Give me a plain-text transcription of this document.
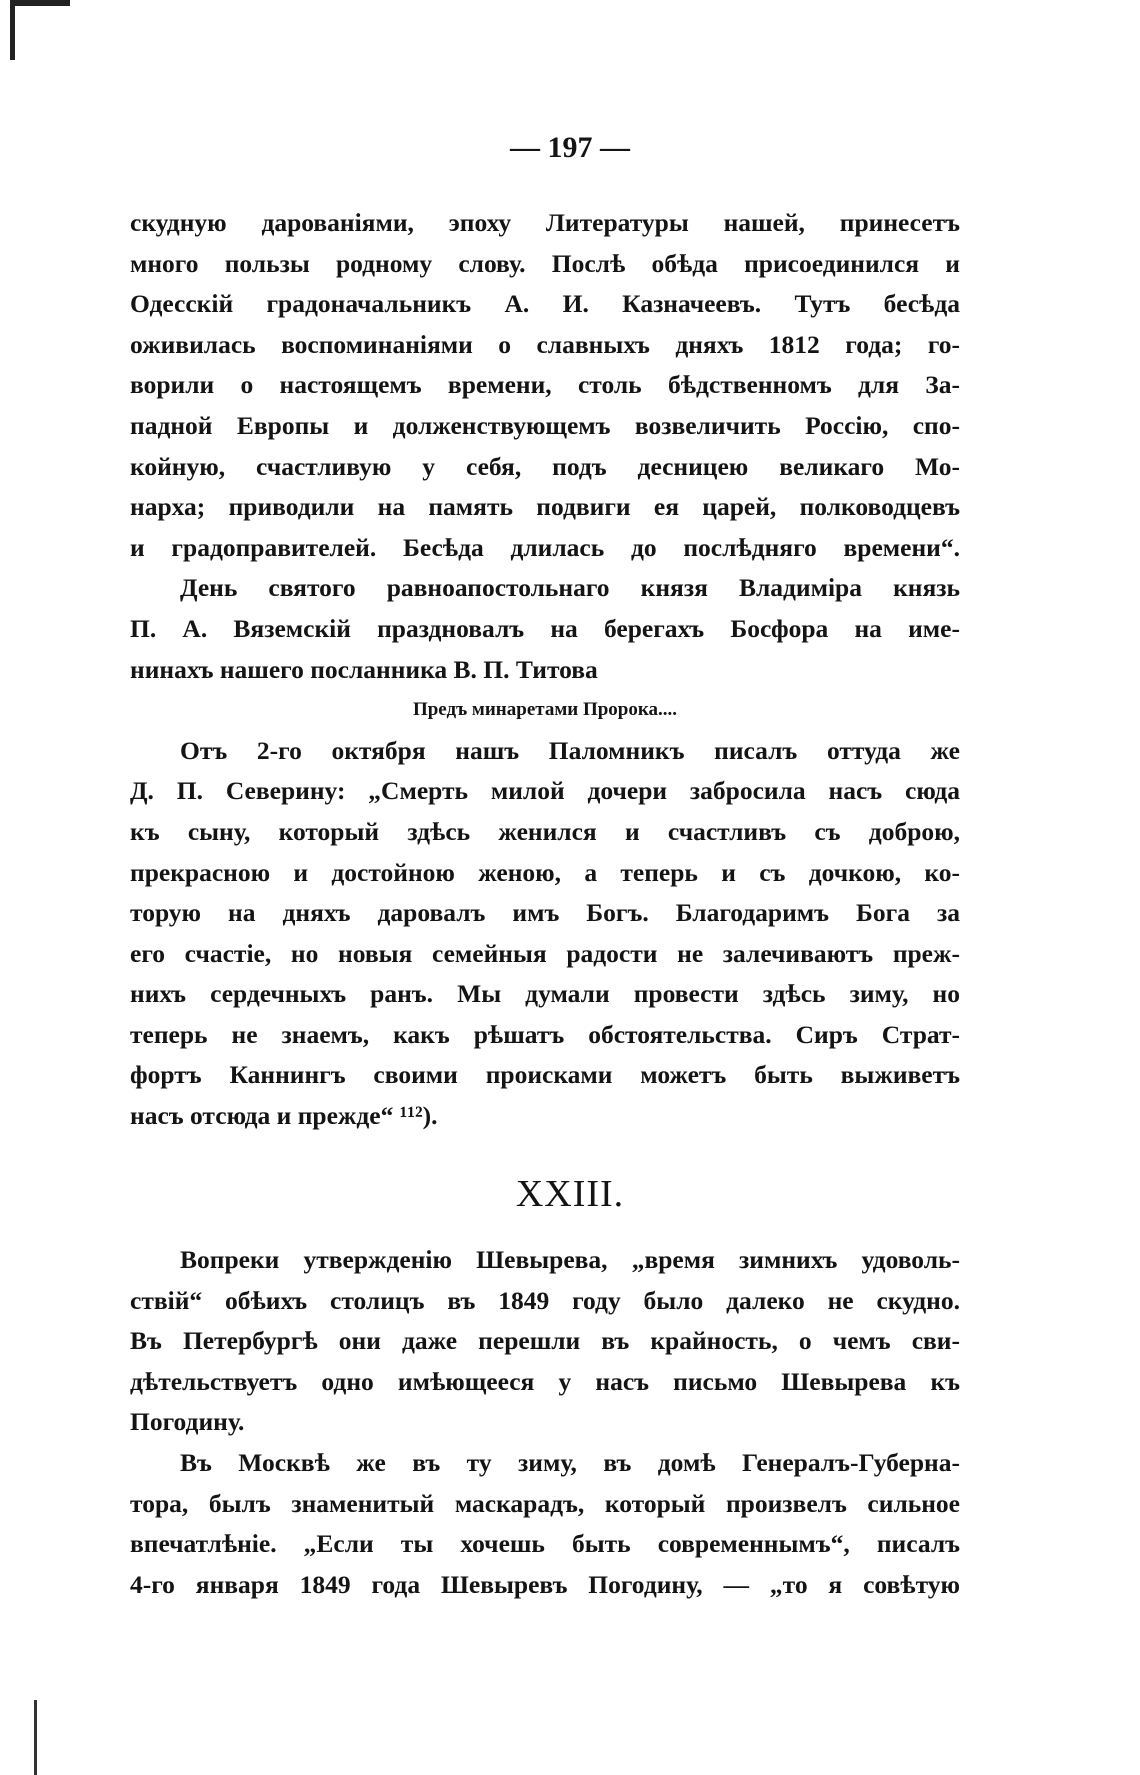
— 197 —
скудную дарованіями, эпоху Литературы нашей, принесетъ
много пользы родному слову. Послѣ обѣда присоединился и
Одесскій градоначальникъ А. И. Казначеевъ. Тутъ бесѣда
оживилась воспоминаніями о славныхъ дняхъ 1812 года; го-
ворили о настоящемъ времени, столь бѣдственномъ для За-
падной Европы и долженствующемъ возвеличить Россію, спо-
койную, счастливую у себя, подъ десницею великаго Мо-
нарха; приводили на память подвиги ея царей, полководцевъ
и градоправителей. Бесѣда длилась до послѣдняго времени“.
День святого равноапостольнаго князя Владиміра князь
П. А. Вяземскій праздновалъ на берегахъ Босфора на име-
нинахъ нашего посланника В. П. Титова
Предъ минаретами Пророка....
Отъ 2-го октября нашъ Паломникъ писалъ оттуда же
Д. П. Северину: „Смерть милой дочери забросила насъ сюда
къ сыну, который здѣсь женился и счастливъ съ доброю,
прекрасною и достойною женою, а теперь и съ дочкою, ко-
торую на дняхъ даровалъ имъ Богъ. Благодаримъ Бога за
его счастіе, но новыя семейныя радости не залечиваютъ преж-
нихъ сердечныхъ ранъ. Мы думали провести здѣсь зиму, но
теперь не знаемъ, какъ рѣшатъ обстоятельства. Сиръ Страт-
фортъ Каннингъ своими происками можетъ быть выживетъ
насъ отсюда и прежде“ ¹¹²).
XXIII.
Вопреки утвержденію Шевырева, „время зимнихъ удоволь-
ствій“ обѣихъ столицъ въ 1849 году было далеко не скудно.
Въ Петербургѣ они даже перешли въ крайность, о чемъ сви-
дѣтельствуетъ одно имѣющееся у насъ письмо Шевырева къ
Погодину.
Въ Москвѣ же въ ту зиму, въ домѣ Генералъ-Губерна-
тора, былъ знаменитый маскарадъ, который произвелъ сильное
впечатлѣніе. „Если ты хочешь быть современнымъ“, писалъ
4-го января 1849 года Шевыревъ Погодину, — „то я совѣтую
